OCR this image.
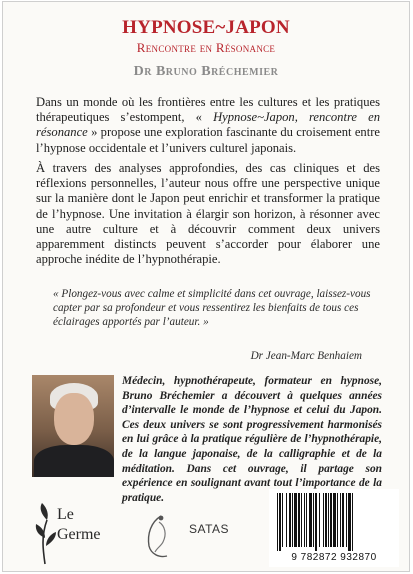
HYPNOSE~JAPON
Rencontre en Résonance
Dr Bruno Bréchemier

Dans un monde où les frontières entre les cultures et les pratiques thérapeutiques s’estompent, « Hypnose~Japon, rencontre en résonance » propose une exploration fascinante du croisement entre l’hypnose occidentale et l’univers culturel japonais.

À travers des analyses approfondies, des cas cliniques et des réflexions personnelles, l’auteur nous offre une perspective unique sur la manière dont le Japon peut enrichir et transformer la pratique de l’hypnose. Une invitation à élargir son horizon, à résonner avec une autre culture et à découvrir comment deux univers apparemment distincts peuvent s’accorder pour élaborer une approche inédite de l’hypnothérapie.

« Plongez-vous avec calme et simplicité dans cet ouvrage, laissez-vous capter par sa profondeur et vous ressentirez les bienfaits de tous ces éclairages apportés par l’auteur. »

Dr Jean-Marc Benhaiem

Médecin, hypnothérapeute, formateur en hypnose, Bruno Bréchemier a découvert à quelques années d’intervalle le monde de l’hypnose et celui du Japon. Ces deux univers se sont progressivement harmonisés en lui grâce à la pratique régulière de l’hypnothérapie, de la langue japonaise, de la calligraphie et de la méditation. Dans cet ouvrage, il partage son expérience en soulignant avant tout l’importance de la pratique.

Le
Germe	SATAS
9 782872 932870
